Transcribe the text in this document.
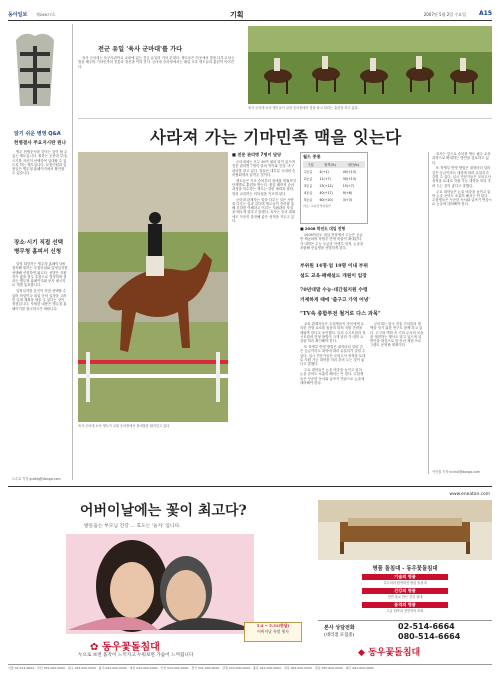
동아일보 제26677호	기획	2007년 5월 2일 수요일 A15
알기 쉬운 병영 Q&A
헌병결사 주요지시란 뭔나

병무 헌병운사를 중이는 것이 할 수 있는 제도입니다. 원하는 군종과 부대, 시기를 자신이 선택하여 입대할 수 있도록 하는 제도입니다. 모집인원과 입영일은 병무청 홈페이지에서 확인할 수 있습니다.

장소·시기 직접 선택
병무청 홈피서 신청

입영 희망자는 병무청 홈페이지에 접속해 원하는 모집단위와 입영일자를 선택해 신청하면 됩니다. 선발은 지원자가 많을 경우 추첨으로 결정하며 결과는 병무청 홈페이지와 문자 메시지로 개별 통보합니다.

입영일자를 본인이 직접 선택할 수 있어 학업이나 취업 준비 일정을 고려한 입대 계획을 세울 수 있다는 것이 장점입니다. 자세한 내용은 병무청 홈페이지를 참고하시기 바랍니다.

도수호 기자 gudtig@donga.com
전군 유일 '육사 군마대'를 가다

육사 군마대는 육군사관학교 교내에 있는 전군 유일의 기마 부대다. 생도들은 이곳에서 말을 다루고 타는 법을 배우며 기마민족의 전통과 정신을 이어 간다. 군마대 승마장에서는 매일 오후 생도들의 훈련이 이어진다.

육사 군마대 소속 생도들이 교내 승마장에서 말을 타고 달리는 훈련을 하고 있다.
사라져 가는 기마민족 맥을 잇는다
육사 군마대 소속 생도가 교내 승마장에서 장애물을 뛰어넘고 있다.
■ 전문 관리병 7명이 담당

군마대에는 모두 30여 필의 말이 있으며 전문 관리병 7명이 말의 먹이와 건강, 마구 관리를 맡고 있다. 말들은 대부분 국내외 승마협회에서 들여온 것이다.

생도들은 기초 승마부터 장애물 비월까지 단계별로 훈련을 받는다. 졸업 때까지 승마 과정을 이수하는 생도는 강한 체력과 담력, 말과 교감하는 리더십을 기르게 된다.

군마대 관계자는 말을 다루는 일은 사람을 다루는 일과 같다며 생도들이 승마를 통해 부하를 이해하고 이끄는 지휘관의 자질을 배우게 된다고 말했다. 육사는 승마 대회에도 꾸준히 출전해 좋은 성적을 거두고 있다.

월드 중통
구분	합격(%)	내신(%)
1등급	4(+1)	40(+13)
2등급	11(+7)	30(+13)
3등급	23(+12)	15(+7)
4등급	40(+17)	9(+6)
5등급	60(+20)	3(+3)
자료: 교육인적자원부
■ 2008 학년도 대입 전형

2008학년도 대입 전형에서 수능은 등급만 제공되며 학생부 반영 비율이 확대된다. 각 대학은 수능 등급과 학생부 성적, 논술을 조합해 신입생을 선발하게 된다.

부위원 14명·엄 19명 이내 부위
설도 교육·패배설드 개원이 입장
70년대말 수능-대간침지원 수령
거제하게 때에 '출구고 가역 어녕'
"TV속 종합부전 철거로 다스 과목"

교육 관계자들은 수험생들이 자신에게 유리한 전형 요소를 꼼꼼히 따져 지원 전략을 세워야 한다고 조언했다. 특히 수시모집과 정시모집의 전형 방법이 크게 달라 각 대학 요강을 미리 확인해야 한다.

또 학생부 반영 방법은 대학마다 달라 같은 등급이라도 대학에 따라 유불리가 갈릴 수 있다. 입시 전문가들은 모의고사 성적을 토대로 지원 가능 대학을 미리 추려 두는 것이 좋다고 말했다.

주요 대학들은 논술 비중을 높이고 있어 논술 준비도 소홀히 해서는 안 된다. 수험생들은 꾸준한 독서와 글쓰기 연습으로 논술에 대비해야 한다.

군마대는 한국 전통 기마술의 명맥을 잇기 위한 연구도 함께 하고 있다. 고구려 벽화 속 기마 무사의 모습을 재현하는 행사도 열고 있으며 일반인을 대상으로 한 승마 체험 프로그램도 운영할 계획이다.

육사는 앞으로 승마를 생도 필수 교육 과정으로 확대하는 방안을 검토하고 있다.

또 학생부 반영 방법은 대학마다 달라 같은 등급이라도 대학에 따라 유불리가 갈릴 수 있다. 입시 전문가들은 모의고사 성적을 토대로 지원 가능 대학을 미리 추려 두는 것이 좋다고 말했다.

주요 대학들은 논술 비중을 높이고 있어 논술 준비도 소홀히 해서는 안 된다. 수험생들은 꾸준한 독서와 글쓰기 연습으로 논술에 대비해야 한다.

이인철 기자 inchul@donga.com
어버이날에는 꽃이 최고다?
발돋움는 부모님 건강 ... 효도는 '놀자' 입니다.
5.4 ~ 5.31(한달)
어버이날 특별 행사
✿ 동우꽃돌침대
누으로 보면 흙작이 느끼지고 누워보면 가슴이 느껴집니다
www.eneaton.com
명품 돌침대 - 동우꽃돌침대
기술의 명품
특수처리 원적외선 방출 돌침대
건강의 명품
천연 돌로 만든 건강 침대
품격의 명품
고급 원목과 천연석의 조화
본사 상담전화
(대리점 모집중)
02-514-6664
080-514-6664
◆ 동우꽃돌침대
서울 02-514-6664 · 부산 051-000-0000 · 대구 053-000-0000 · 광주 062-000-0000 · 대전 042-000-0000 · 인천 032-000-0000 · 경기 031-000-0000 · 강원 033-000-0000 · 충북 043-000-0000 · 전북 063-000-0000 · 경남 055-000-0000 · 제주 064-000-0000
